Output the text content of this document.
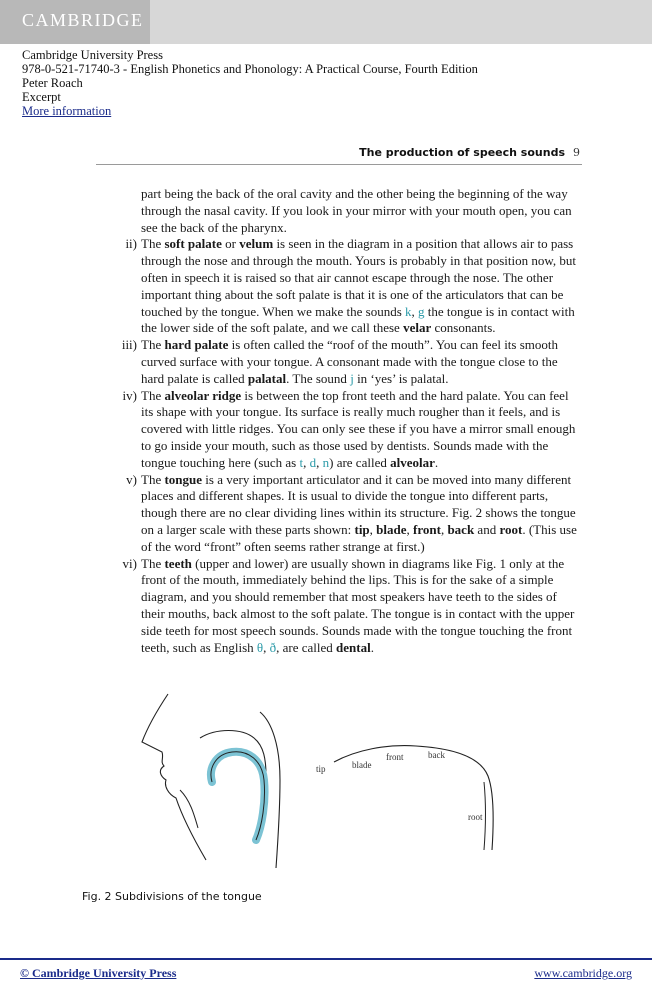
CAMBRIDGE
Cambridge University Press
978-0-521-71740-3 - English Phonetics and Phonology: A Practical Course, Fourth Edition
Peter Roach
Excerpt
More information
The production of speech sounds 9
part being the back of the oral cavity and the other being the beginning of the way through the nasal cavity. If you look in your mirror with your mouth open, you can see the back of the pharynx.
ii) The soft palate or velum is seen in the diagram in a position that allows air to pass through the nose and through the mouth. Yours is probably in that position now, but often in speech it is raised so that air cannot escape through the nose. The other important thing about the soft palate is that it is one of the articulators that can be touched by the tongue. When we make the sounds k, g the tongue is in contact with the lower side of the soft palate, and we call these velar consonants.
iii) The hard palate is often called the “roof of the mouth”. You can feel its smooth curved surface with your tongue. A consonant made with the tongue close to the hard palate is called palatal. The sound j in ‘yes’ is palatal.
iv) The alveolar ridge is between the top front teeth and the hard palate. You can feel its shape with your tongue. Its surface is really much rougher than it feels, and is covered with little ridges. You can only see these if you have a mirror small enough to go inside your mouth, such as those used by dentists. Sounds made with the tongue touching here (such as t, d, n) are called alveolar.
v) The tongue is a very important articulator and it can be moved into many different places and different shapes. It is usual to divide the tongue into different parts, though there are no clear dividing lines within its structure. Fig. 2 shows the tongue on a larger scale with these parts shown: tip, blade, front, back and root. (This use of the word “front” often seems rather strange at first.)
vi) The teeth (upper and lower) are usually shown in diagrams like Fig. 1 only at the front of the mouth, immediately behind the lips. This is for the sake of a simple diagram, and you should remember that most speakers have teeth to the sides of their mouths, back almost to the soft palate. The tongue is in contact with the upper side teeth for most speech sounds. Sounds made with the tongue touching the front teeth, such as English θ, ð, are called dental.
tip	blade
front	back
root
Fig. 2 Subdivisions of the tongue
© Cambridge University Press	www.cambridge.org
